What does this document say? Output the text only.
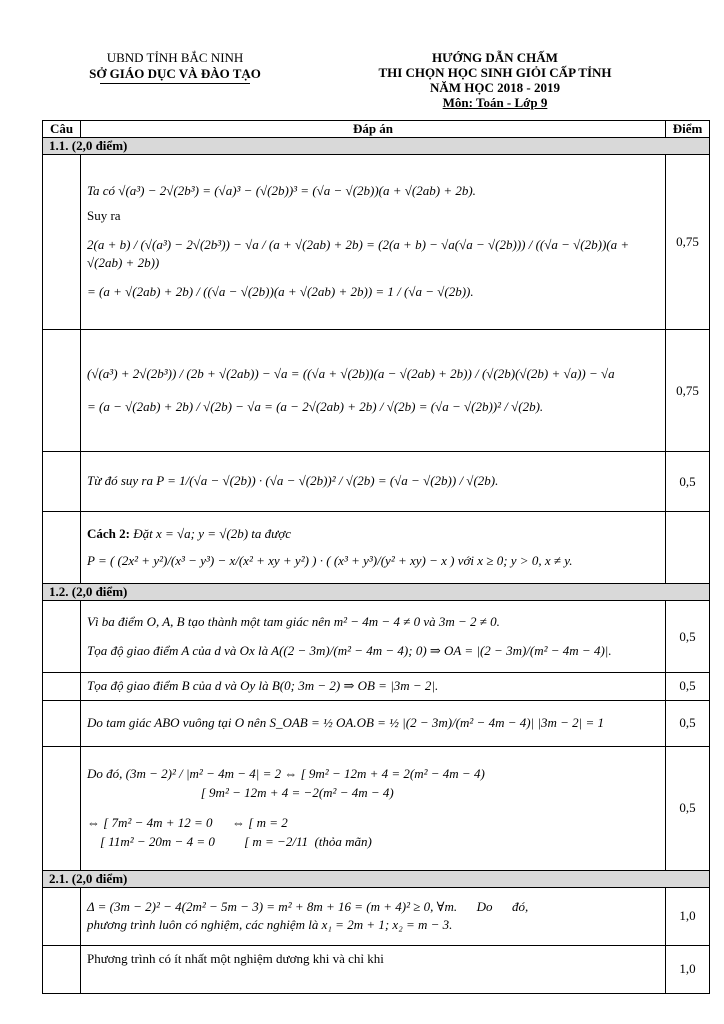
UBND TỈNH BẮC NINH
SỞ GIÁO DỤC VÀ ĐÀO TẠO
HƯỚNG DẪN CHẤM
THI CHỌN HỌC SINH GIỎI CẤP TỈNH
NĂM HỌC 2018 - 2019
Môn: Toán - Lớp 9
Câu	Đáp án	Điểm
1.1. (2,0 điểm)		

	Ta có √(a³) − 2√(2b³) = (√a)³ − (√(2b))³ = (√a − √(2b))(a + √(2ab) + 2b).
Suy ra
2(a + b) / (√(a³) − 2√(2b³)) − √a / (a + √(2ab) + 2b) = (2(a + b) − √a(√a − √(2b))) / ((√a − √(2b))(a + √(2ab) + 2b))
= (a + √(2ab) + 2b) / ((√a − √(2b))(a + √(2ab) + 2b)) = 1 / (√a − √(2b)).	0,75

	(√(a³) + 2√(2b³)) / (2b + √(2ab)) − √a = ((√a + √(2b))(a − √(2ab) + 2b)) / (√(2b)(√(2b) + √a)) − √a
= (a − √(2ab) + 2b) / √(2b) − √a = (a − 2√(2ab) + 2b) / √(2b) = (√a − √(2b))² / √(2b).	0,75

	Từ đó suy ra P = 1/(√a − √(2b)) · (√a − √(2b))² / √(2b) = (√a − √(2b)) / √(2b).	0,5

	Cách 2: Đặt x = √a; y = √(2b) ta được
P = ( (2x² + y²)/(x³ − y³) − x/(x² + xy + y²) ) · ( (x³ + y³)/(y² + xy) − x ) với x ≥ 0; y > 0, x ≠ y.	

1.2. (2,0 điểm)		

	Vì ba điểm O, A, B tạo thành một tam giác nên m² − 4m − 4 ≠ 0 và 3m − 2 ≠ 0.
Tọa độ giao điểm A của d và Ox là A((2 − 3m)/(m² − 4m − 4); 0) ⇒ OA = |(2 − 3m)/(m² − 4m − 4)|.	0,5

	Tọa độ giao điểm B của d và Oy là B(0; 3m − 2) ⇒ OB = |3m − 2|.	0,5

	Do tam giác ABO vuông tại O nên S_OAB = ½ OA.OB = ½ |(2 − 3m)/(m² − 4m − 4)| |3m − 2| = 1	0,5

	Do đó, (3m − 2)² / |m² − 4m − 4| = 2 ⇔ [ 9m² − 12m + 4 = 2(m² − 4m − 4)
[ 9m² − 12m + 4 = −2(m² − 4m − 4)
⇔ [ 7m² − 4m + 12 = 0      ⇔ [ m = 2
[ 11m² − 20m − 4 = 0         [ m = −2/11  (thỏa mãn)	0,5
2.1. (2,0 điểm)		

	Δ = (3m − 2)² − 4(2m² − 5m − 3) = m² + 8m + 16 = (m + 4)² ≥ 0, ∀m.      Do      đó,
phương trình luôn có nghiệm, các nghiệm là x₁ = 2m + 1; x₂ = m − 3.	1,0

	Phương trình có ít nhất một nghiệm dương khi và chỉ khi	1,0
